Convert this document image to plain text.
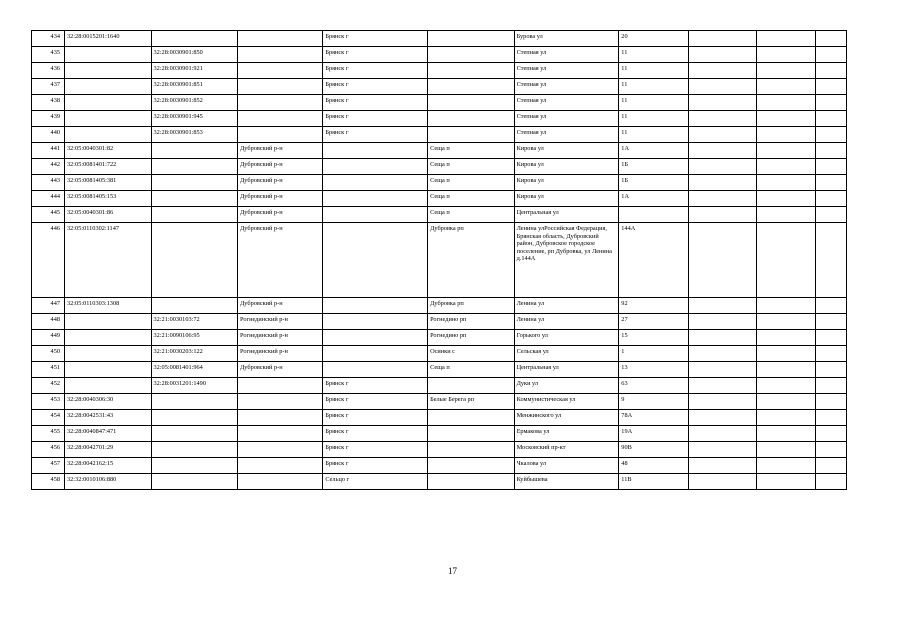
434	32:28:0015201:1640			Брянск г		Бурова ул	20			
435		32:28:0030901:850		Брянск г		Степная ул	11			
436		32:28:0030901:921		Брянск г		Степная ул	11			
437		32:28:0030901:851		Брянск г		Степная ул	11			
438		32:28:0030901:852		Брянск г		Степная ул	11			
439		32:28:0030901:945		Брянск г		Степная ул	11			
440		32:28:0030901:853		Брянск г		Степная ул	11			
441	32:05:0040301:82		Дубровский р-н		Сеща п	Кирова ул	1А			
442	32:05:0081401:722		Дубровский р-н		Сеща п	Кирова ул	1Б			
443	32:05:0081405:381		Дубровский р-н		Сеща п	Кирова ул	1Б			
444	32:05:0081405:153		Дубровский р-н		Сеща п	Кирова ул	1А			
445	32:05:0040301:86		Дубровский р-н		Сеща п	Центральная ул				
446	32:05:0110302:1147		Дубровский р-н		Дубровка рп	Ленина улРоссийская Федерация, Брянская область, Дубровский район, Дубровское городское поселение, рп Дубровка, ул Ленина д.144А	144А			
447	32:05:0110303:1308		Дубровский р-н		Дубровка рп	Ленина ул	92			
448		32:21:0030103:72	Рогнединский р-н		Рогнедино рп	Ленина ул	27			
449		32:21:0090106:95	Рогнединский р-н		Рогнедино рп	Горького ул	15			
450		32:21:0030203:122	Рогнединский р-н		Осинки с	Сельская ул	1			
451		32:05:0081401:964	Дубровский р-н		Сеща п	Центральная ул	13			
452		32:28:0031201:1490		Брянск г		Дуки ул	63			
453	32:28:0040306:30			Брянск г	Белые Берега рп	Коммунистическая ул	9			
454	32:28:0042531:43			Брянск г		Менжинского ул	78А			
455	32:28:0040847:471			Брянск г		Ермакова ул	19А			
456	32:28:0042701:29			Брянск г		Московский пр-кт	90В			
457	32:28:0042162:15			Брянск г		Чкалова ул	48			
458	32:32:0010106:880			Сельцо г		Куйбышева	11В			
17
